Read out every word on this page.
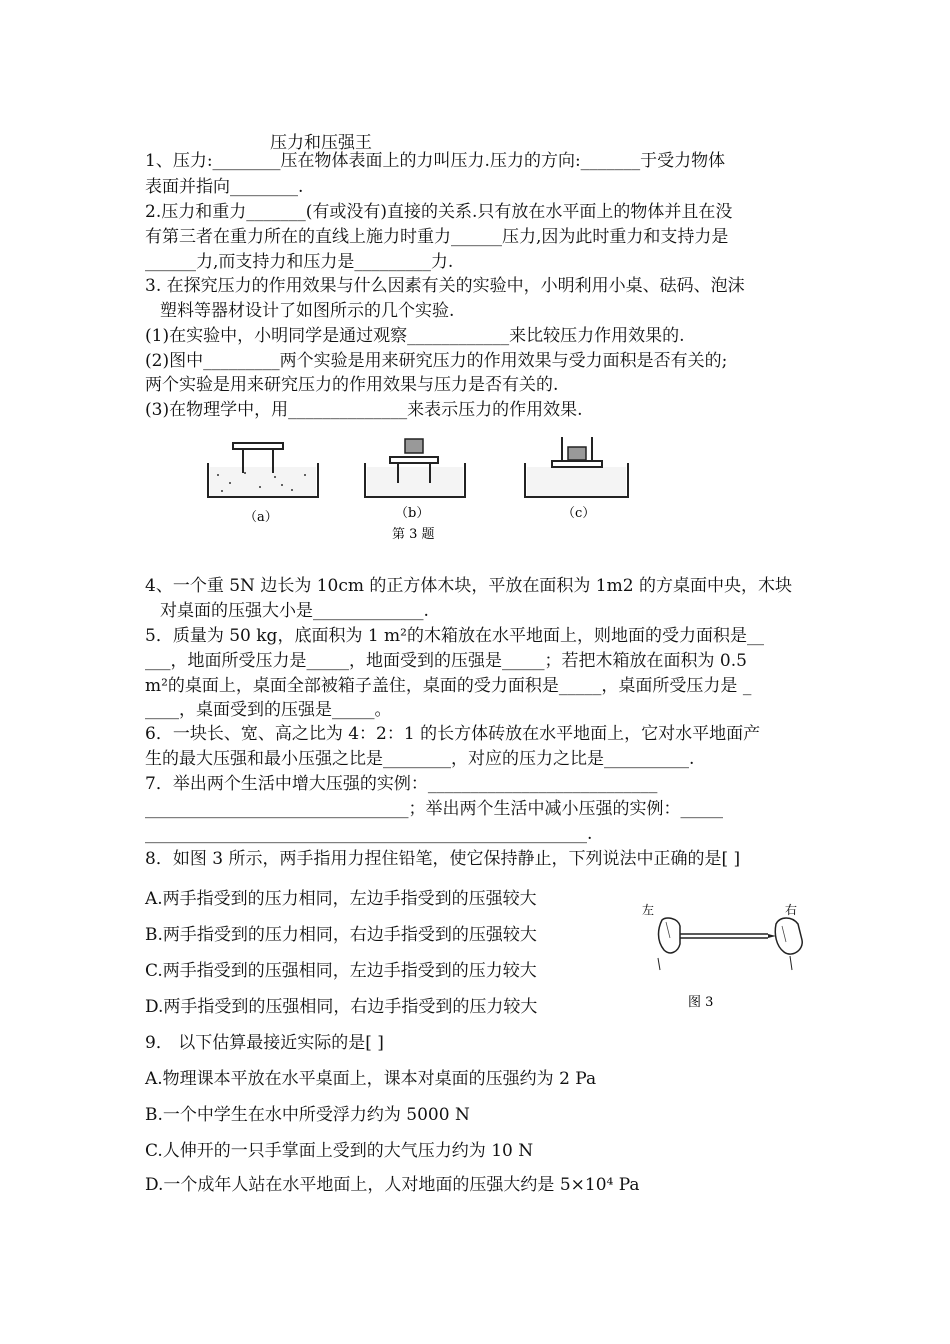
压力和压强王
1、压力:________压在物体表面上的力叫压力.压力的方向:_______于受力物体
表面并指向________.
2.压力和重力_______(有或没有)直接的关系.只有放在水平面上的物体并且在没
有第三者在重力所在的直线上施力时重力______压力,因为此时重力和支持力是
______力,而支持力和压力是_________力.
3. 在探究压力的作用效果与什么因素有关的实验中，小明利用小桌、砝码、泡沫
塑料等器材设计了如图所示的几个实验.
(1)在实验中，小明同学是通过观察____________来比较压力作用效果的.
(2)图中_________两个实验是用来研究压力的作用效果与受力面积是否有关的;
两个实验是用来研究压力的作用效果与压力是否有关的.
(3)在物理学中，用______________来表示压力的作用效果.
（a）	（b）	（c）
第 3 题
4、一个重 5N 边长为 10cm 的正方体木块，平放在面积为 1m2 的方桌面中央，木块
对桌面的压强大小是_____________.
5．质量为 50 kg，底面积为 1 m²的木箱放在水平地面上，则地面的受力面积是__
___，地面所受压力是_____，地面受到的压强是_____；若把木箱放在面积为 0.5
m²的桌面上，桌面全部被箱子盖住，桌面的受力面积是_____，桌面所受压力是 _
____，桌面受到的压强是_____。
6．一块长、宽、高之比为 4：2：1 的长方体砖放在水平地面上，它对水平地面产
生的最大压强和最小压强之比是________，对应的压力之比是__________.
7．举出两个生活中增大压强的实例：___________________________
_______________________________；举出两个生活中减小压强的实例：_____
____________________________________________________.
8．如图 3 所示，两手指用力捏住铅笔，使它保持静止，下列说法中正确的是[ ]
A.两手指受到的压力相同，左边手指受到的压强较大
B.两手指受到的压力相同，右边手指受到的压强较大
C.两手指受到的压强相同，左边手指受到的压力较大
D.两手指受到的压强相同，右边手指受到的压力较大
左	右
图 3
9． 以下估算最接近实际的是[ ]
A.物理课本平放在水平桌面上，课本对桌面的压强约为 2 Pa
B.一个中学生在水中所受浮力约为 5000 N
C.人伸开的一只手掌面上受到的大气压力约为 10 N
D.一个成年人站在水平地面上，人对地面的压强大约是 5×10⁴ Pa
